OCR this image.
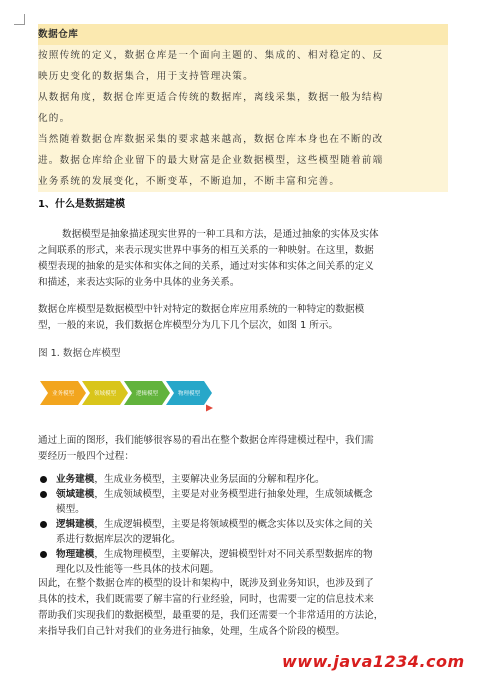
数据仓库
按照传统的定义，数据仓库是一个面向主题的、集成的、相对稳定的、反
映历史变化的数据集合，用于支持管理决策。
从数据角度，数据仓库更适合传统的数据库，离线采集，数据一般为结构
化的。
当然随着数据仓库数据采集的要求越来越高，数据仓库本身也在不断的改
进。数据仓库给企业留下的最大财富是企业数据模型，这些模型随着前端
业务系统的发展变化，不断变革，不断追加，不断丰富和完善。
1、什么是数据建模
数据模型是抽象描述现实世界的一种工具和方法，是通过抽象的实体及实体
之间联系的形式，来表示现实世界中事务的相互关系的一种映射。在这里，数据
模型表现的抽象的是实体和实体之间的关系，通过对实体和实体之间关系的定义
和描述，来表达实际的业务中具体的业务关系。
数据仓库模型是数据模型中针对特定的数据仓库应用系统的一种特定的数据模
型，一般的来说，我们数据仓库模型分为几下几个层次，如图 1 所示。
图 1. 数据仓库模型
业务模型	领域模型	逻辑模型	物理模型
通过上面的图形，我们能够很容易的看出在整个数据仓库得建模过程中，我们需
要经历一般四个过程：
业务建模，生成业务模型，主要解决业务层面的分解和程序化。
领域建模，生成领域模型，主要是对业务模型进行抽象处理，生成领域概念
模型。
逻辑建模，生成逻辑模型，主要是将领域模型的概念实体以及实体之间的关
系进行数据库层次的逻辑化。
物理建模，生成物理模型，主要解决，逻辑模型针对不同关系型数据库的物
理化以及性能等一些具体的技术问题。
因此，在整个数据仓库的模型的设计和架构中，既涉及到业务知识，也涉及到了
具体的技术，我们既需要了解丰富的行业经验，同时，也需要一定的信息技术来
帮助我们实现我们的数据模型，最重要的是，我们还需要一个非常适用的方法论，
来指导我们自己针对我们的业务进行抽象，处理，生成各个阶段的模型。
www.java1234.com
